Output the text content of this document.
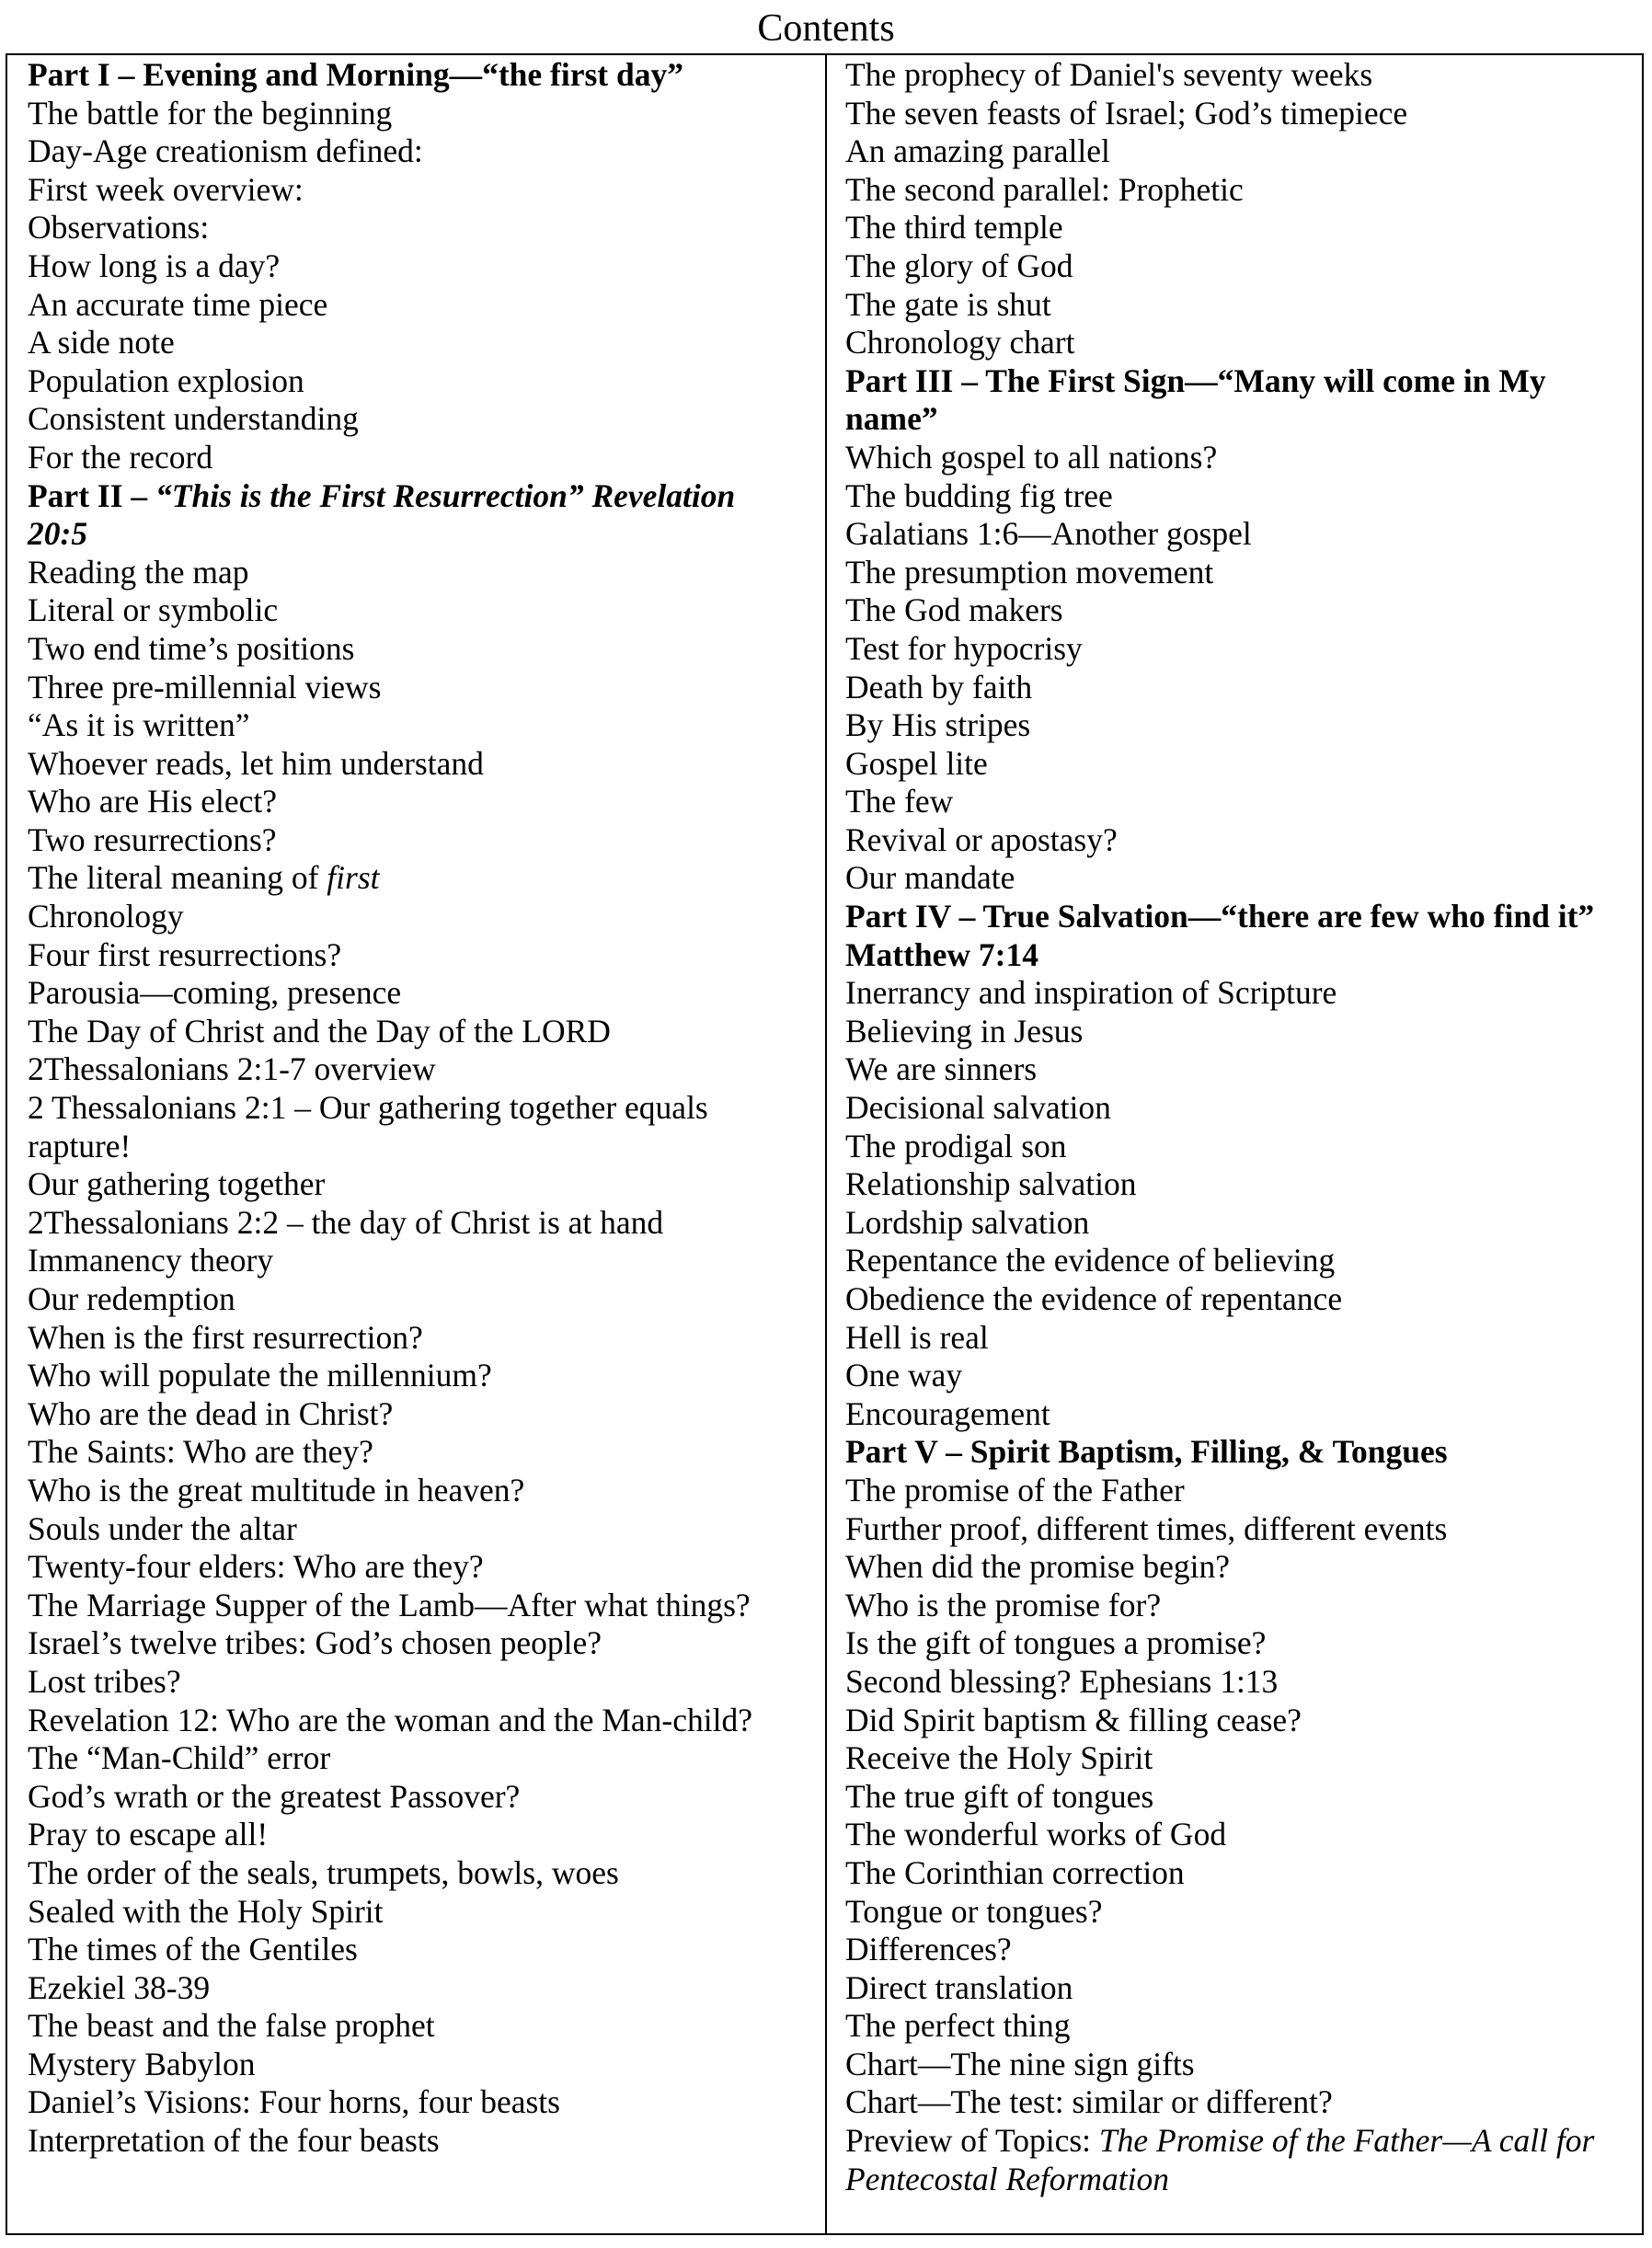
Contents
Part I – Evening and Morning—“the first day”
The battle for the beginning
Day-Age creationism defined:
First week overview:
Observations:
How long is a day?
An accurate time piece
A side note
Population explosion
Consistent understanding
For the record
Part II – “This is the First Resurrection” Revelation
20:5
Reading the map
Literal or symbolic
Two end time’s positions
Three pre-millennial views
“As it is written”
Whoever reads, let him understand
Who are His elect?
Two resurrections?
The literal meaning of first
Chronology
Four first resurrections?
Parousia—coming, presence
The Day of Christ and the Day of the LORD
2Thessalonians 2:1-7 overview
2 Thessalonians 2:1 – Our gathering together equals
rapture!
Our gathering together
2Thessalonians 2:2 – the day of Christ is at hand
Immanency theory
Our redemption
When is the first resurrection?
Who will populate the millennium?
Who are the dead in Christ?
The Saints: Who are they?
Who is the great multitude in heaven?
Souls under the altar
Twenty-four elders: Who are they?
The Marriage Supper of the Lamb—After what things?
Israel’s twelve tribes: God’s chosen people?
Lost tribes?
Revelation 12: Who are the woman and the Man-child?
The “Man-Child” error
God’s wrath or the greatest Passover?
Pray to escape all!
The order of the seals, trumpets, bowls, woes
Sealed with the Holy Spirit
The times of the Gentiles
Ezekiel 38-39
The beast and the false prophet
Mystery Babylon
Daniel’s Visions: Four horns, four beasts
Interpretation of the four beasts
The prophecy of Daniel's seventy weeks
The seven feasts of Israel; God’s timepiece
An amazing parallel
The second parallel: Prophetic
The third temple
The glory of God
The gate is shut
Chronology chart
Part III – The First Sign—“Many will come in My
name”
Which gospel to all nations?
The budding fig tree
Galatians 1:6—Another gospel
The presumption movement
The God makers
Test for hypocrisy
Death by faith
By His stripes
Gospel lite
The few
Revival or apostasy?
Our mandate
Part IV – True Salvation—“there are few who find it”
Matthew 7:14
Inerrancy and inspiration of Scripture
Believing in Jesus
We are sinners
Decisional salvation
The prodigal son
Relationship salvation
Lordship salvation
Repentance the evidence of believing
Obedience the evidence of repentance
Hell is real
One way
Encouragement
Part V – Spirit Baptism, Filling, & Tongues
The promise of the Father
Further proof, different times, different events
When did the promise begin?
Who is the promise for?
Is the gift of tongues a promise?
Second blessing? Ephesians 1:13
Did Spirit baptism & filling cease?
Receive the Holy Spirit
The true gift of tongues
The wonderful works of God
The Corinthian correction
Tongue or tongues?
Differences?
Direct translation
The perfect thing
Chart—The nine sign gifts
Chart—The test: similar or different?
Preview of Topics: The Promise of the Father—A call for
Pentecostal Reformation
